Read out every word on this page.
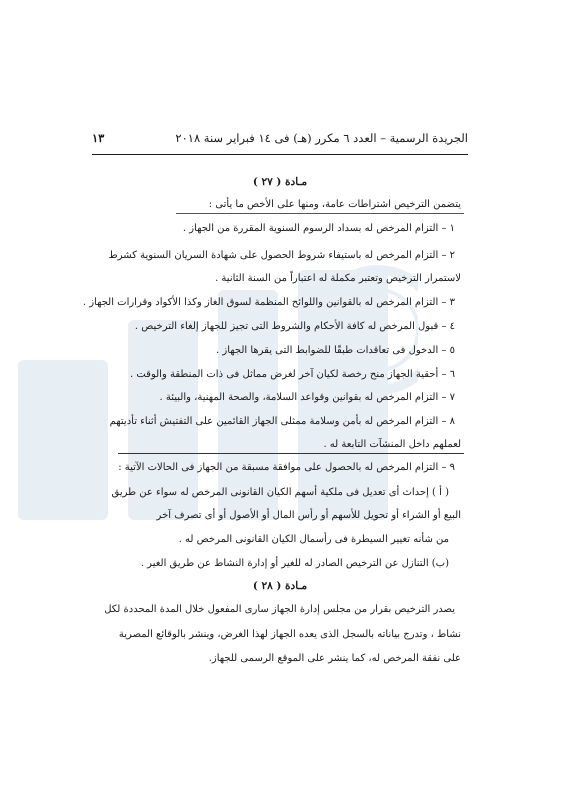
الجريدة الرسمية – العدد ٦ مكرر (هـ) فى ١٤ فبراير سنة ٢٠١٨
١٣
مـادة ( ٢٧ )
يتضمن الترخيص اشتراطات عامة، ومنها على الأخص ما يأتى :
١ – التزام المرخص له بسداد الرسوم السنوية المقررة من الجهاز .
٢ – التزام المرخص له باستيفاء شروط الحصول على شهادة السريان السنوية كشرط
لاستمرار الترخيص وتعتبر مكملة له اعتباراً من السنة الثانية .
٣ – التزام المرخص له بالقوانين واللوائح المنظمة لسوق الغاز وكذا الأكواد وقرارات الجهاز .
٤ – قبول المرخص له كافة الأحكام والشروط التى تجيز للجهاز إلغاء الترخيص .
٥ – الدخول فى تعاقدات طبقًا للضوابط التى يقرها الجهاز .
٦ – أحقية الجهاز منح رخصة لكيان آخر لغرض مماثل فى ذات المنطقة والوقت .
٧ – التزام المرخص له بقوانين وقواعد السلامة، والصحة المهنية، والبيئة .
٨ – التزام المرخص له بأمن وسلامة ممثلى الجهاز القائمين على التفتيش أثناء تأديتهم
لعملهم داخل المنشآت التابعة له .
٩ – التزام المرخص له بالحصول على موافقة مسبقة من الجهاز فى الحالات الآتية :
( أ ) إحداث أى تعديل فى ملكية أسهم الكيان القانونى المرخص له سواء عن طريق
البيع أو الشراء أو تحويل للأسهم أو رأس المال أو الأصول أو أى تصرف آخر
من شأنه تغيير السيطرة فى رأسمال الكيان القانونى المرخص له .
(ب) التنازل عن الترخيص الصادر له للغير أو إدارة النشاط عن طريق الغير .
مـادة ( ٢٨ )
يصدر الترخيص بقرار من مجلس إدارة الجهاز سارى المفعول خلال المدة المحددة لكل
نشاط ، وتدرج بياناته بالسجل الذى يعده الجهاز لهذا الغرض، وينشر بالوقائع المصرية
على نفقة المرخص له، كما ينشر على الموقع الرسمى للجهاز.
